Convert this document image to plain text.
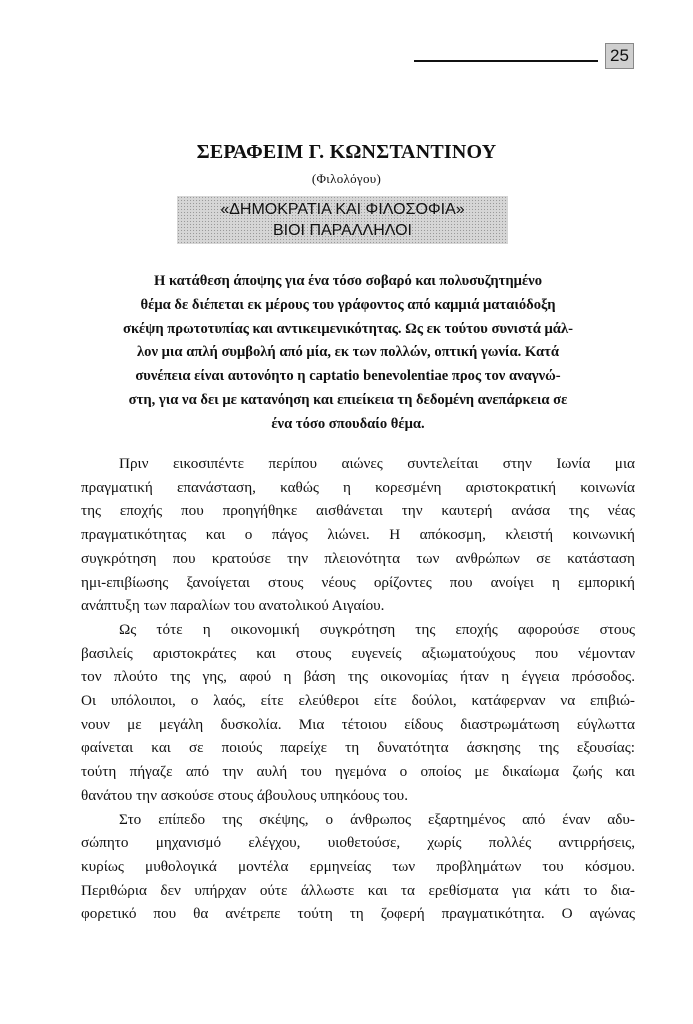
25
ΣΕΡΑΦΕΙΜ Γ. ΚΩΝΣΤΑΝΤΙΝΟΥ
(Φιλολόγου)
«ΔΗΜΟΚΡΑΤΙΑ ΚΑΙ ΦΙΛΟΣΟΦΙΑ»
ΒΙΟΙ ΠΑΡΑΛΛΗΛΟΙ
Η κατάθεση άποψης για ένα τόσο σοβαρό και πολυσυζητημένο
θέμα δε διέπεται εκ μέρους του γράφοντος από καμμιά ματαιόδοξη
σκέψη πρωτοτυπίας και αντικειμενικότητας. Ως εκ τούτου συνιστά μάλ-
λον μια απλή συμβολή από μία, εκ των πολλών, οπτική γωνία. Κατά
συνέπεια είναι αυτονόητο η captatio benevolentiae προς τον αναγνώ-
στη, για να δει με κατανόηση και επιείκεια τη δεδομένη ανεπάρκεια σε
ένα τόσο σπουδαίο θέμα.
Πριν εικοσιπέντε περίπου αιώνες συντελείται στην Ιωνία μια
πραγματική επανάσταση, καθώς η κορεσμένη αριστοκρατική κοινωνία
της εποχής που προηγήθηκε αισθάνεται την καυτερή ανάσα της νέας
πραγματικότητας και ο πάγος λιώνει. Η απόκοσμη, κλειστή κοινωνική
συγκρότηση που κρατούσε την πλειονότητα των ανθρώπων σε κατάσταση
ημι-επιβίωσης ξανοίγεται στους νέους ορίζοντες που ανοίγει η εμπορική
ανάπτυξη των παραλίων του ανατολικού Αιγαίου.
Ως τότε η οικονομική συγκρότηση της εποχής αφορούσε στους
βασιλείς αριστοκράτες και στους ευγενείς αξιωματούχους που νέμονταν
τον πλούτο της γης, αφού η βάση της οικονομίας ήταν η έγγεια πρόσοδος.
Οι υπόλοιποι, ο λαός, είτε ελεύθεροι είτε δούλοι, κατάφερναν να επιβιώ-
νουν με μεγάλη δυσκολία. Μια τέτοιου είδους διαστρωμάτωση εύγλωττα
φαίνεται και σε ποιούς παρείχε τη δυνατότητα άσκησης της εξουσίας:
τούτη πήγαζε από την αυλή του ηγεμόνα ο οποίος με δικαίωμα ζωής και
θανάτου την ασκούσε στους άβουλους υπηκόους του.
Στο επίπεδο της σκέψης, ο άνθρωπος εξαρτημένος από έναν αδυ-
σώπητο μηχανισμό ελέγχου, υιοθετούσε, χωρίς πολλές αντιρρήσεις,
κυρίως μυθολογικά μοντέλα ερμηνείας των προβλημάτων του κόσμου.
Περιθώρια δεν υπήρχαν ούτε άλλωστε και τα ερεθίσματα για κάτι το δια-
φορετικό που θα ανέτρεπε τούτη τη ζοφερή πραγματικότητα. Ο αγώνας
